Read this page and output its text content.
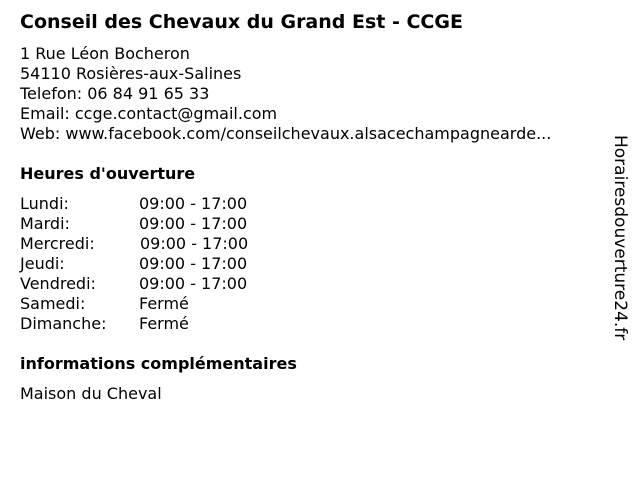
Conseil des Chevaux du Grand Est - CCGE
1 Rue Léon Bocheron
54110 Rosières-aux-Salines
Telefon: 06 84 91 65 33
Email: ccge.contact@gmail.com
Web: www.facebook.com/conseilchevaux.alsacechampagnearde...
Heures d'ouverture
Lundi:	09:00 - 17:00
Mardi:	09:00 - 17:00
Mercredi:	09:00 - 17:00
Jeudi:	09:00 - 17:00
Vendredi:	09:00 - 17:00
Samedi:	Fermé
Dimanche: Fermé
informations complémentaires
Maison du Cheval
Horairesdouverture24.fr
